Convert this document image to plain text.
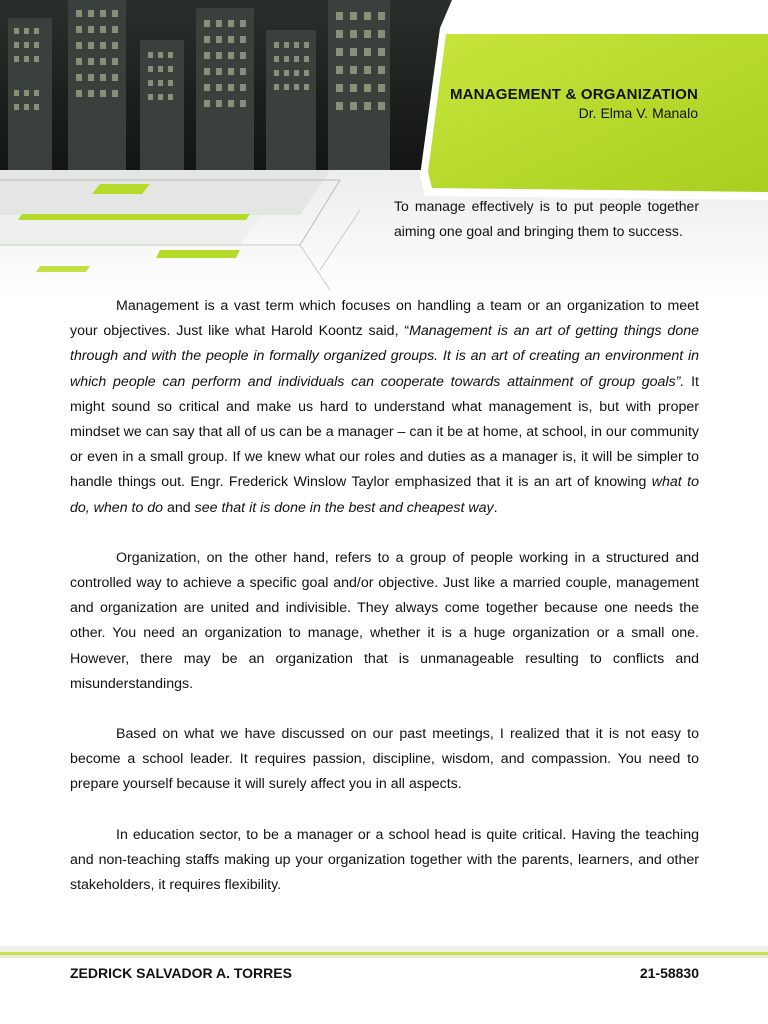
MANAGEMENT & ORGANIZATION
Dr. Elma V. Manalo
To manage effectively is to put people together aiming one goal and bringing them to success.

Management is a vast term which focuses on handling a team or an organization to meet your objectives. Just like what Harold Koontz said, “Management is an art of getting things done through and with the people in formally organized groups. It is an art of creating an environment in which people can perform and individuals can cooperate towards attainment of group goals”. It might sound so critical and make us hard to understand what management is, but with proper mindset we can say that all of us can be a manager – can it be at home, at school, in our community or even in a small group. If we knew what our roles and duties as a manager is, it will be simpler to handle things out. Engr. Frederick Winslow Taylor emphasized that it is an art of knowing what to do, when to do and see that it is done in the best and cheapest way.

Organization, on the other hand, refers to a group of people working in a structured and controlled way to achieve a specific goal and/or objective. Just like a married couple, management and organization are united and indivisible. They always come together because one needs the other. You need an organization to manage, whether it is a huge organization or a small one. However, there may be an organization that is unmanageable resulting to conflicts and misunderstandings.

Based on what we have discussed on our past meetings, I realized that it is not easy to become a school leader. It requires passion, discipline, wisdom, and compassion. You need to prepare yourself because it will surely affect you in all aspects.

In education sector, to be a manager or a school head is quite critical. Having the teaching and non-teaching staffs making up your organization together with the parents, learners, and other stakeholders, it requires flexibility.

ZEDRICK SALVADOR A. TORRES	21-58830
